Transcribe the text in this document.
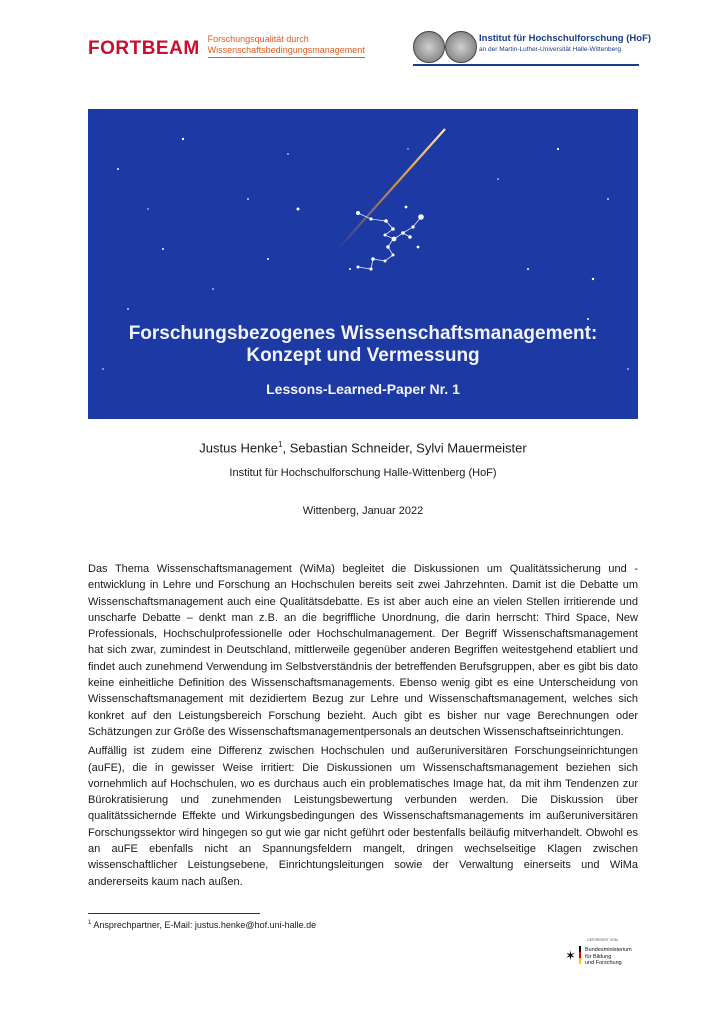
FORTBEAM Forschungsqualität durch
Wissenschaftsbedingungsmanagement
Institut für Hochschulforschung (HoF)
an der Martin-Luther-Universität Halle-Wittenberg
Forschungsbezogenes Wissenschaftsmanagement:
Konzept und Vermessung
Lessons-Learned-Paper Nr. 1
Justus Henke$^1$, Sebastian Schneider, Sylvi Mauermeister
Institut für Hochschulforschung Halle-Wittenberg (HoF)
Wittenberg, Januar 2022

Das Thema Wissenschaftsmanagement (WiMa) begleitet die Diskussionen um Qualitätssicherung und -entwicklung in Lehre und Forschung an Hochschulen bereits seit zwei Jahrzehnten. Damit ist die Debatte um Wissenschaftsmanagement auch eine Qualitätsdebatte. Es ist aber auch eine an vielen Stellen irritierende und unscharfe Debatte – denkt man z.B. an die begriffliche Unordnung, die darin herrscht: Third Space, New Professionals, Hochschulprofessionelle oder Hochschulmanagement. Der Begriff Wissenschaftsmanagement hat sich zwar, zumindest in Deutschland, mittlerweile gegenüber anderen Begriffen weitestgehend etabliert und findet auch zunehmend Verwendung im Selbstverständnis der betreffenden Berufsgruppen, aber es gibt bis dato keine einheitliche Definition des Wissenschaftsmanagements. Ebenso wenig gibt es eine Unterscheidung von Wissenschaftsmanagement mit dezidiertem Bezug zur Lehre und Wissenschaftsmanagement, welches sich konkret auf den Leistungsbereich Forschung bezieht. Auch gibt es bisher nur vage Berechnungen oder Schätzungen zur Größe des Wissenschaftsmanagementpersonals an deutschen Wissenschaftseinrichtungen.

Auffällig ist zudem eine Differenz zwischen Hochschulen und außeruniversitären Forschungseinrichtungen (auFE), die in gewisser Weise irritiert: Die Diskussionen um Wissenschaftsmanagement beziehen sich vornehmlich auf Hochschulen, wo es durchaus auch ein problematisches Image hat, da mit ihm Tendenzen zur Bürokratisierung und zunehmenden Leistungsbewertung verbunden werden. Die Diskussion über qualitätssichernde Effekte und Wirkungsbedingungen des Wissenschaftsmanagements im außeruniversitären Forschungssektor wird hingegen so gut wie gar nicht geführt oder bestenfalls beiläufig mitverhandelt. Obwohl es an auFE ebenfalls nicht an Spannungsfeldern mangelt, dringen wechselseitige Klagen zwischen wissenschaftlicher Leistungsebene, Einrichtungsleitungen sowie der Verwaltung einerseits und WiMa andererseits kaum nach außen.

$^1$ Ansprechpartner, E-Mail: justus.henke@hof.uni-halle.de
GEFÖRDERT VOM
✶ Bundesministerium
für Bildung
und Forschung
